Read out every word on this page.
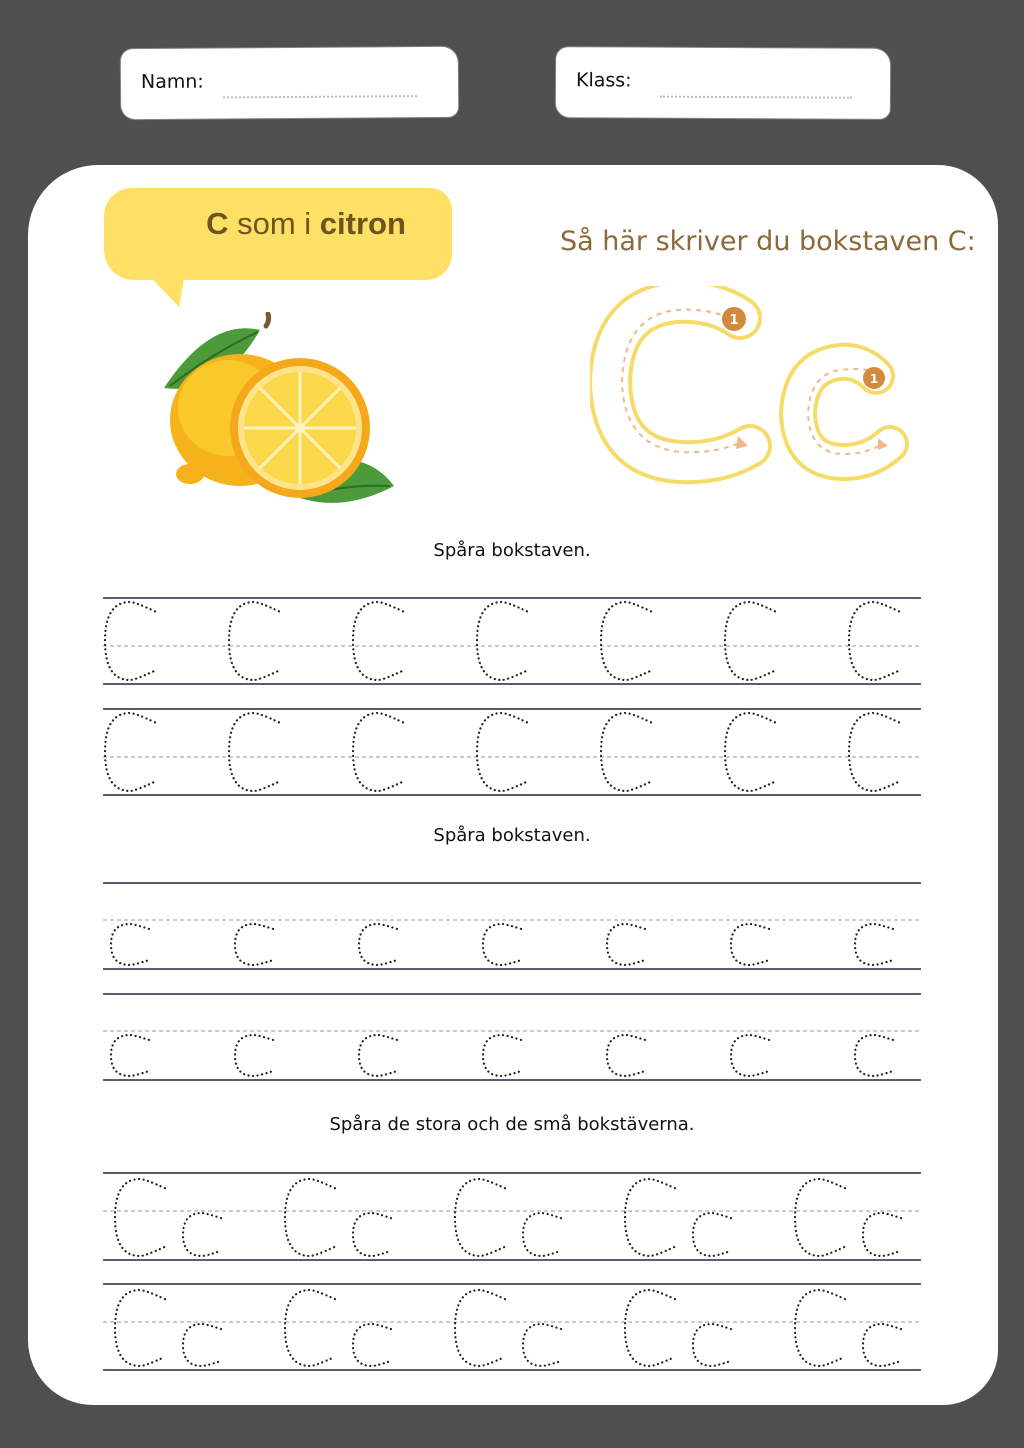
Namn:	Klass:
C som i citron
Så här skriver du bokstaven C:
1
1
Spåra bokstaven.
Spåra bokstaven.
Spåra de stora och de små bokstäverna.
